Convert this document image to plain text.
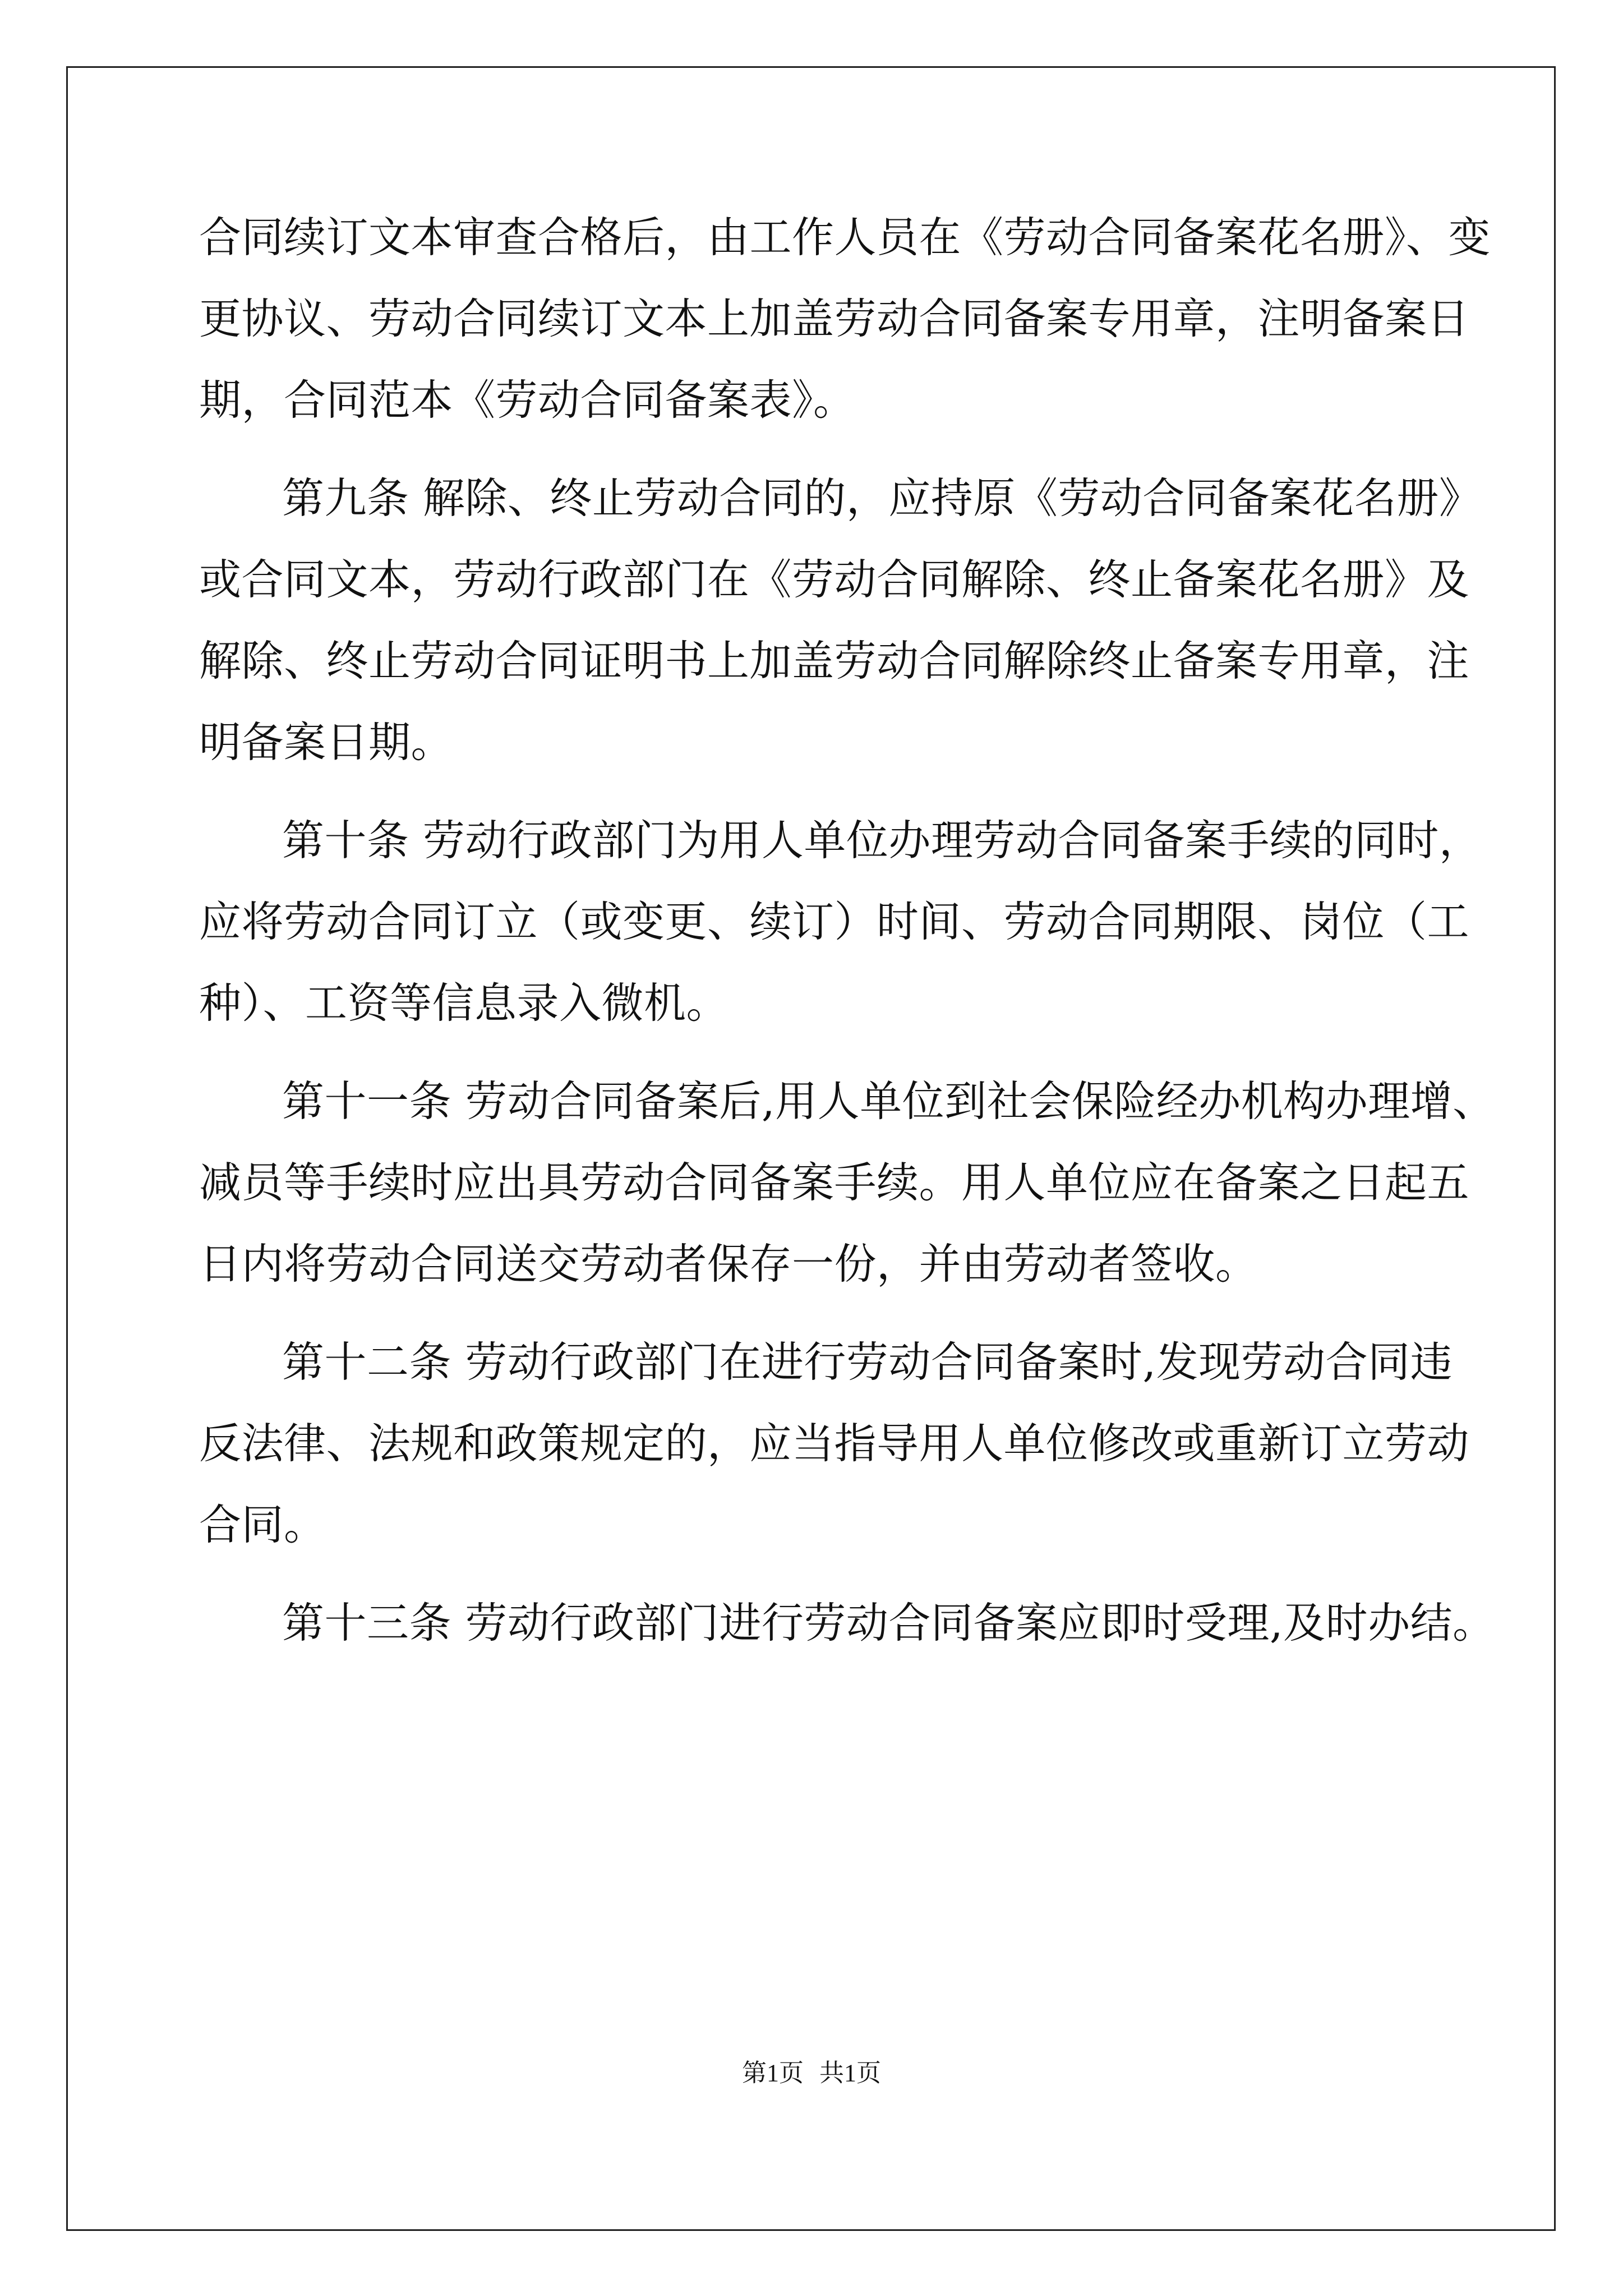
合同续订文本审查合格后，由工作人员在《劳动合同备案花名册》、变
更协议、劳动合同续订文本上加盖劳动合同备案专用章，注明备案日
期，合同范本《劳动合同备案表》。
第九条 解除、终止劳动合同的，应持原《劳动合同备案花名册》
或合同文本，劳动行政部门在《劳动合同解除、终止备案花名册》及
解除、终止劳动合同证明书上加盖劳动合同解除终止备案专用章，注
明备案日期。
第十条 劳动行政部门为用人单位办理劳动合同备案手续的同时，
应将劳动合同订立（或变更、续订）时间、劳动合同期限、岗位（工
种）、工资等信息录入微机。
第十一条 劳动合同备案后,用人单位到社会保险经办机构办理增、
减员等手续时应出具劳动合同备案手续。用人单位应在备案之日起五
日内将劳动合同送交劳动者保存一份，并由劳动者签收。
第十二条 劳动行政部门在进行劳动合同备案时,发现劳动合同违
反法律、法规和政策规定的，应当指导用人单位修改或重新订立劳动
合同。
第十三条 劳动行政部门进行劳动合同备案应即时受理,及时办结。
第1页 共1页
